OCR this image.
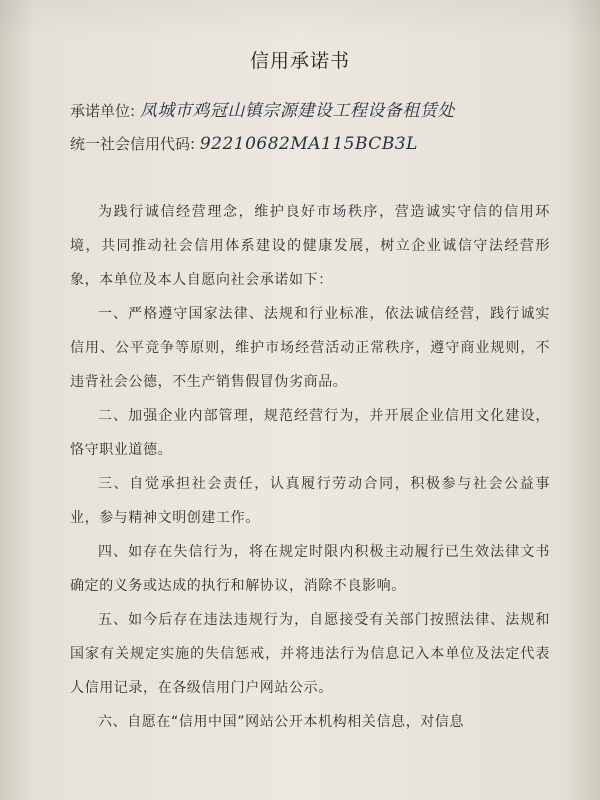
信用承诺书
承诺单位: 凤城市鸡冠山镇宗源建设工程设备租赁处
统一社会信用代码: 92210682MA115BCB3L

为践行诚信经营理念，维护良好市场秩序，营造诚实守信的信用环境，共同推动社会信用体系建设的健康发展，树立企业诚信守法经营形象，本单位及本人自愿向社会承诺如下：

一、严格遵守国家法律、法规和行业标准，依法诚信经营，践行诚实信用、公平竞争等原则，维护市场经营活动正常秩序，遵守商业规则，不违背社会公德，不生产销售假冒伪劣商品。

二、加强企业内部管理，规范经营行为，并开展企业信用文化建设，恪守职业道德。

三、自觉承担社会责任，认真履行劳动合同，积极参与社会公益事业，参与精神文明创建工作。

四、如存在失信行为，将在规定时限内积极主动履行已生效法律文书确定的义务或达成的执行和解协议，消除不良影响。

五、如今后存在违法违规行为，自愿接受有关部门按照法律、法规和国家有关规定实施的失信惩戒，并将违法行为信息记入本单位及法定代表人信用记录，在各级信用门户网站公示。

六、自愿在“信用中国”网站公开本机构相关信息，对信息
